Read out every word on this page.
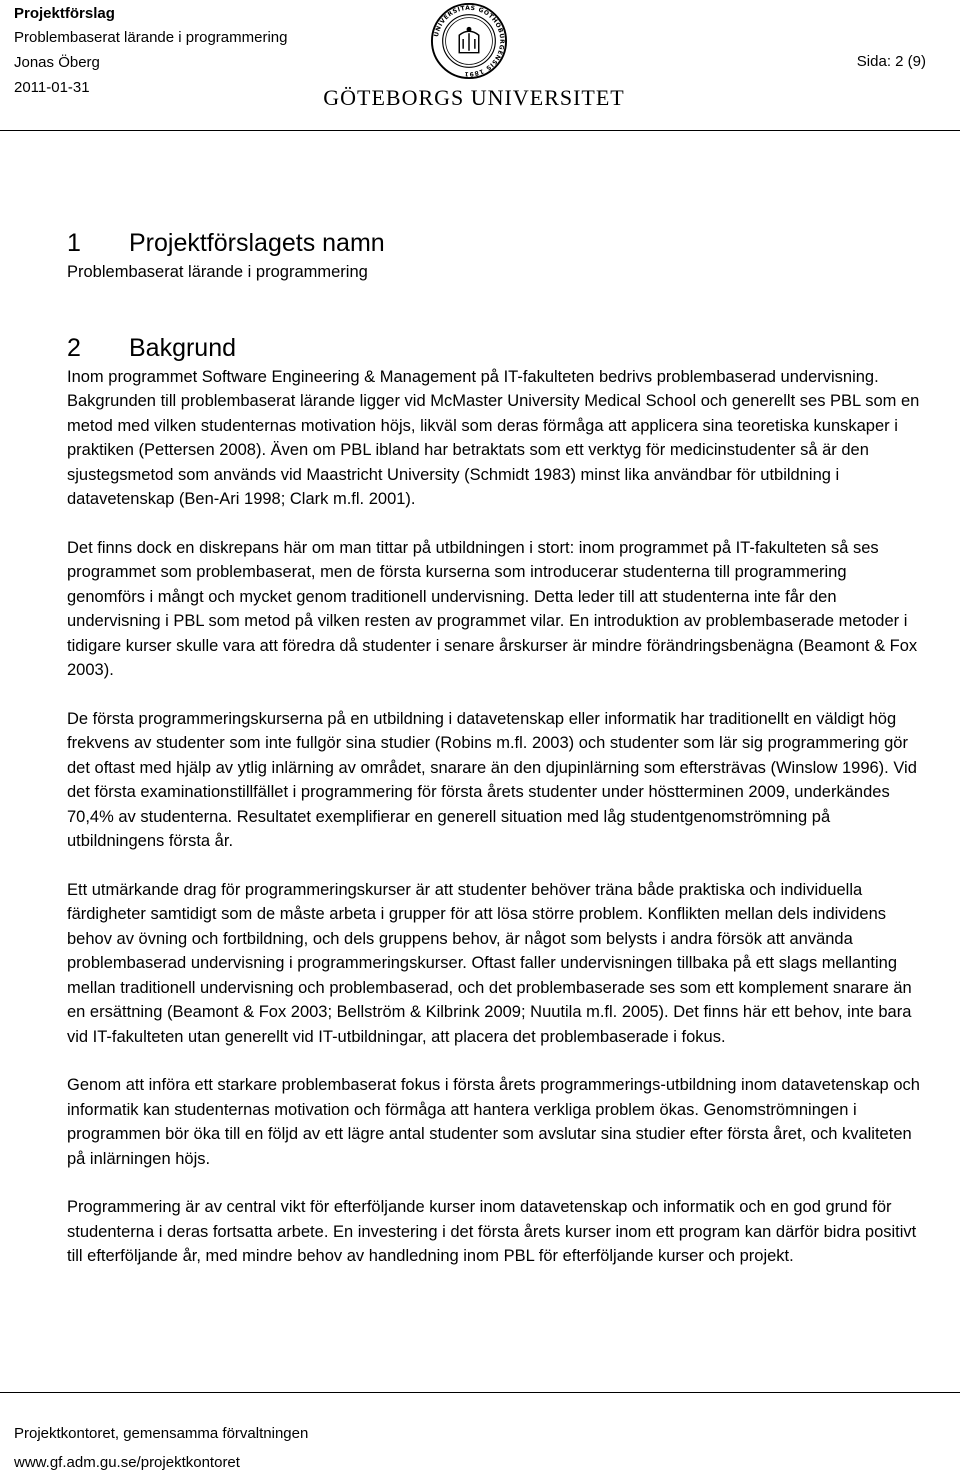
Projektförslag
Problembaserat lärande i programmering
Jonas Öberg
2011-01-31
Sida: 2 (9)
UNIVERSITAS GOTHOBURGENSIS 1891
GÖTEBORGS UNIVERSITET
1 Projektförslagets namn
Problembaserat lärande i programmering
2 Bakgrund

Inom programmet Software Engineering & Management på IT-fakulteten bedrivs problembaserad undervisning. Bakgrunden till problembaserat lärande ligger vid McMaster University Medical School och generellt ses PBL som en metod med vilken studenternas motivation höjs, likväl som deras förmåga att applicera sina teoretiska kunskaper i praktiken (Pettersen 2008). Även om PBL ibland har betraktats som ett verktyg för medicinstudenter så är den sjustegsmetod som används vid Maastricht University (Schmidt 1983) minst lika användbar för utbildning i datavetenskap (Ben-Ari 1998; Clark m.fl. 2001).

Det finns dock en diskrepans här om man tittar på utbildningen i stort: inom programmet på IT-fakulteten så ses programmet som problembaserat, men de första kurserna som introducerar studenterna till programmering genomförs i mångt och mycket genom traditionell undervisning. Detta leder till att studenterna inte får den undervisning i PBL som metod på vilken resten av programmet vilar. En introduktion av problembaserade metoder i tidigare kurser skulle vara att föredra då studenter i senare årskurser är mindre förändringsbenägna (Beamont & Fox 2003).

De första programmeringskurserna på en utbildning i datavetenskap eller informatik har traditionellt en väldigt hög frekvens av studenter som inte fullgör sina studier (Robins m.fl. 2003) och studenter som lär sig programmering gör det oftast med hjälp av ytlig inlärning av området, snarare än den djupinlärning som eftersträvas (Winslow 1996). Vid det första examinationstillfället i programmering för första årets studenter under höstterminen 2009, underkändes 70,4% av studenterna. Resultatet exemplifierar en generell situation med låg studentgenomströmning på utbildningens första år.

Ett utmärkande drag för programmeringskurser är att studenter behöver träna både praktiska och individuella färdigheter samtidigt som de måste arbeta i grupper för att lösa större problem. Konflikten mellan dels individens behov av övning och fortbildning, och dels gruppens behov, är något som belysts i andra försök att använda problembaserad undervisning i programmeringskurser. Oftast faller undervisningen tillbaka på ett slags mellanting mellan traditionell undervisning och problembaserad, och det problembaserade ses som ett komplement snarare än en ersättning (Beamont & Fox 2003; Bellström & Kilbrink 2009; Nuutila m.fl. 2005). Det finns här ett behov, inte bara vid IT-fakulteten utan generellt vid IT-utbildningar, att placera det problembaserade i fokus.

Genom att införa ett starkare problembaserat fokus i första årets programmerings-utbildning inom datavetenskap och informatik kan studenternas motivation och förmåga att hantera verkliga problem ökas. Genomströmningen i programmen bör öka till en följd av ett lägre antal studenter som avslutar sina studier efter första året, och kvaliteten på inlärningen höjs.

Programmering är av central vikt för efterföljande kurser inom datavetenskap och informatik och en god grund för studenterna i deras fortsatta arbete. En investering i det första årets kurser inom ett program kan därför bidra positivt till efterföljande år, med mindre behov av handledning inom PBL för efterföljande kurser och projekt.

Projektkontoret, gemensamma förvaltningen
www.gf.adm.gu.se/projektkontoret
